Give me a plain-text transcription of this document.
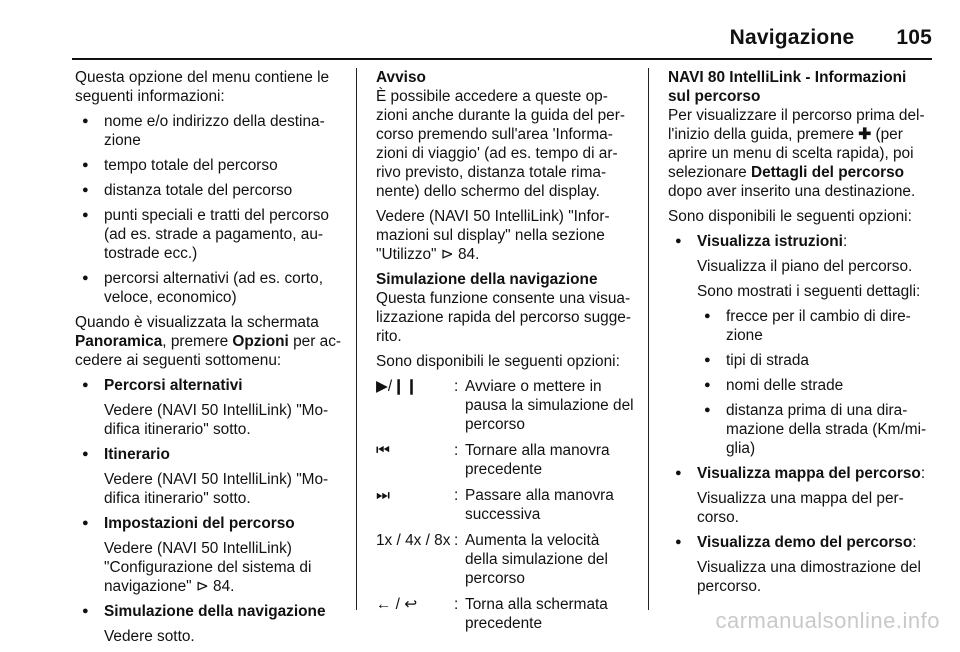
Navigazione 105

Questa opzione del menu contiene le seguenti informazioni:

● nome e/o indirizzo della destinazione
● tempo totale del percorso
● distanza totale del percorso
● punti speciali e tratti del percorso (ad es. strade a pagamento, autostrade ecc.)
● percorsi alternativi (ad es. corto, veloce, economico)

Quando è visualizzata la schermata Panoramica, premere Opzioni per accedere ai seguenti sottomenu:

● Percorsi alternativi
Vedere (NAVI 50 IntelliLink) "Modifica itinerario" sotto.
● Itinerario
Vedere (NAVI 50 IntelliLink) "Modifica itinerario" sotto.
● Impostazioni del percorso
Vedere (NAVI 50 IntelliLink) "Configurazione del sistema di navigazione" ⊳ 84.
● Simulazione della navigazione
Vedere sotto.
Avviso

È possibile accedere a queste opzioni anche durante la guida del percorso premendo sull'area 'Informazioni di viaggio' (ad es. tempo di arrivo previsto, distanza totale rimanente) dello schermo del display.

Vedere (NAVI 50 IntelliLink) "Informazioni sul display" nella sezione "Utilizzo" ⊳ 84.

Simulazione della navigazione

Questa funzione consente una visualizzazione rapida del percorso suggerito.

Sono disponibili le seguenti opzioni:

▶/❙❙	:	Avviare o mettere in pausa la simulazione del percorso
⏮	:	Tornare alla manovra precedente
⏭	:	Passare alla manovra successiva
1x / 4x / 8x	:	Aumenta la velocità della simulazione del percorso
← / ↩	:	Torna alla schermata precedente
NAVI 80 IntelliLink - Informazioni sul percorso

Per visualizzare il percorso prima dell'inizio della guida, premere ✚ (per aprire un menu di scelta rapida), poi selezionare Dettagli del percorso dopo aver inserito una destinazione.

Sono disponibili le seguenti opzioni:

● Visualizza istruzioni:
Visualizza il piano del percorso.
Sono mostrati i seguenti dettagli:
● frecce per il cambio di direzione
● tipi di strada
● nomi delle strade
● distanza prima di una diramazione della strada (Km/miglia)
● Visualizza mappa del percorso:
Visualizza una mappa del percorso.
● Visualizza demo del percorso:
Visualizza una dimostrazione del percorso.
carmanualsonline.info
